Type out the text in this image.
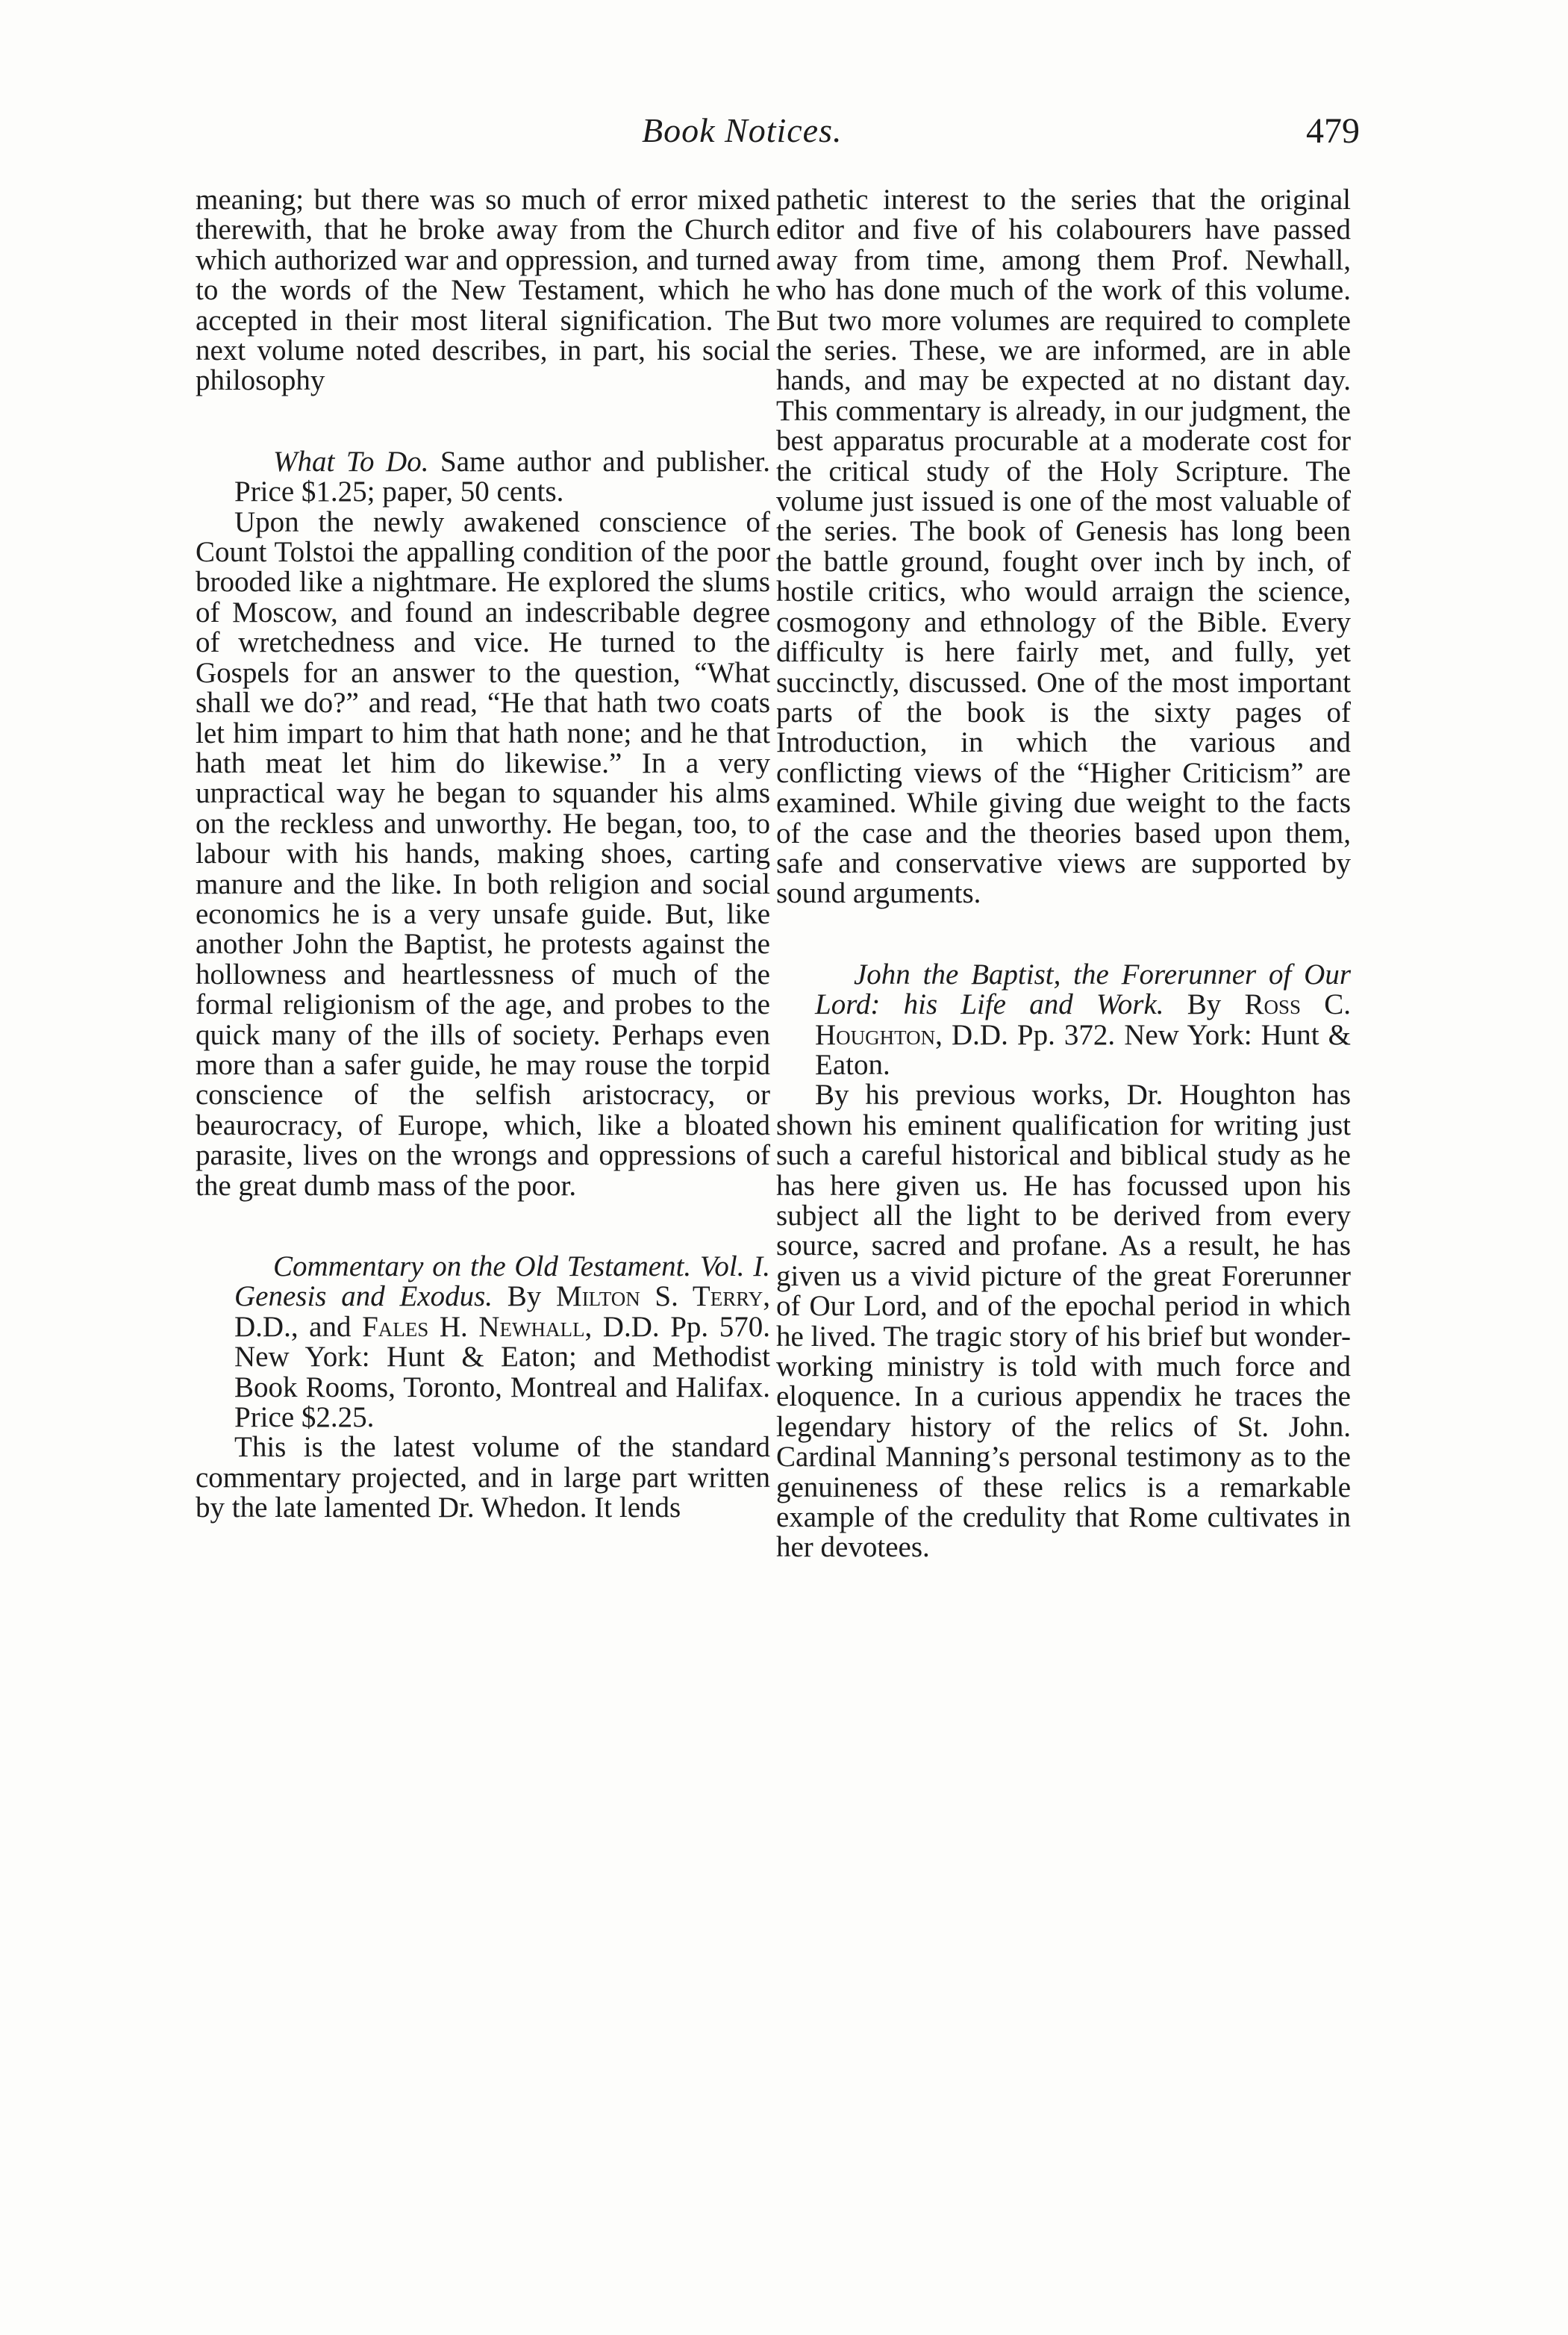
Book Notices.	479

meaning; but there was so much of error mixed therewith, that he broke away from the Church which authorized war and oppression, and turned to the words of the New Testament, which he accepted in their most literal signification. The next volume noted describes, in part, his social philosophy

What To Do. Same author and publisher. Price $1.25; paper, 50 cents.

Upon the newly awakened conscience of Count Tolstoi the appalling condition of the poor brooded like a nightmare. He explored the slums of Moscow, and found an indescribable degree of wretchedness and vice. He turned to the Gospels for an answer to the question, “What shall we do?” and read, “He that hath two coats let him impart to him that hath none; and he that hath meat let him do likewise.” In a very unpractical way he began to squander his alms on the reckless and unworthy. He began, too, to labour with his hands, making shoes, carting manure and the like. In both religion and social economics he is a very unsafe guide. But, like another John the Baptist, he protests against the hollowness and heartlessness of much of the formal religionism of the age, and probes to the quick many of the ills of society. Perhaps even more than a safer guide, he may rouse the torpid conscience of the selfish aristocracy, or beaurocracy, of Europe, which, like a bloated parasite, lives on the wrongs and oppressions of the great dumb mass of the poor.

Commentary on the Old Testament. Vol. I. Genesis and Exodus. By Milton S. Terry, D.D., and Fales H. Newhall, D.D. Pp. 570. New York: Hunt & Eaton; and Methodist Book Rooms, Toronto, Montreal and Halifax. Price $2.25.

This is the latest volume of the standard commentary projected, and in large part written by the late lamented Dr. Whedon. It lends

pathetic interest to the series that the original editor and five of his colabourers have passed away from time, among them Prof. Newhall, who has done much of the work of this volume. But two more volumes are required to complete the series. These, we are informed, are in able hands, and may be expected at no distant day. This commentary is already, in our judgment, the best apparatus procurable at a moderate cost for the critical study of the Holy Scripture. The volume just issued is one of the most valuable of the series. The book of Genesis has long been the battle ground, fought over inch by inch, of hostile critics, who would arraign the science, cosmogony and ethnology of the Bible. Every difficulty is here fairly met, and fully, yet succinctly, discussed. One of the most important parts of the book is the sixty pages of Introduction, in which the various and conflicting views of the “Higher Criticism” are examined. While giving due weight to the facts of the case and the theories based upon them, safe and conservative views are supported by sound arguments.

John the Baptist, the Forerunner of Our Lord: his Life and Work. By Ross C. Houghton, D.D. Pp. 372. New York: Hunt & Eaton.

By his previous works, Dr. Houghton has shown his eminent qualification for writing just such a careful historical and biblical study as he has here given us. He has focussed upon his subject all the light to be derived from every source, sacred and profane. As a result, he has given us a vivid picture of the great Forerunner of Our Lord, and of the epochal period in which he lived. The tragic story of his brief but wonder-working ministry is told with much force and eloquence. In a curious appendix he traces the legendary history of the relics of St. John. Cardinal Manning’s personal testimony as to the genuineness of these relics is a remarkable example of the credulity that Rome cultivates in her devotees.
